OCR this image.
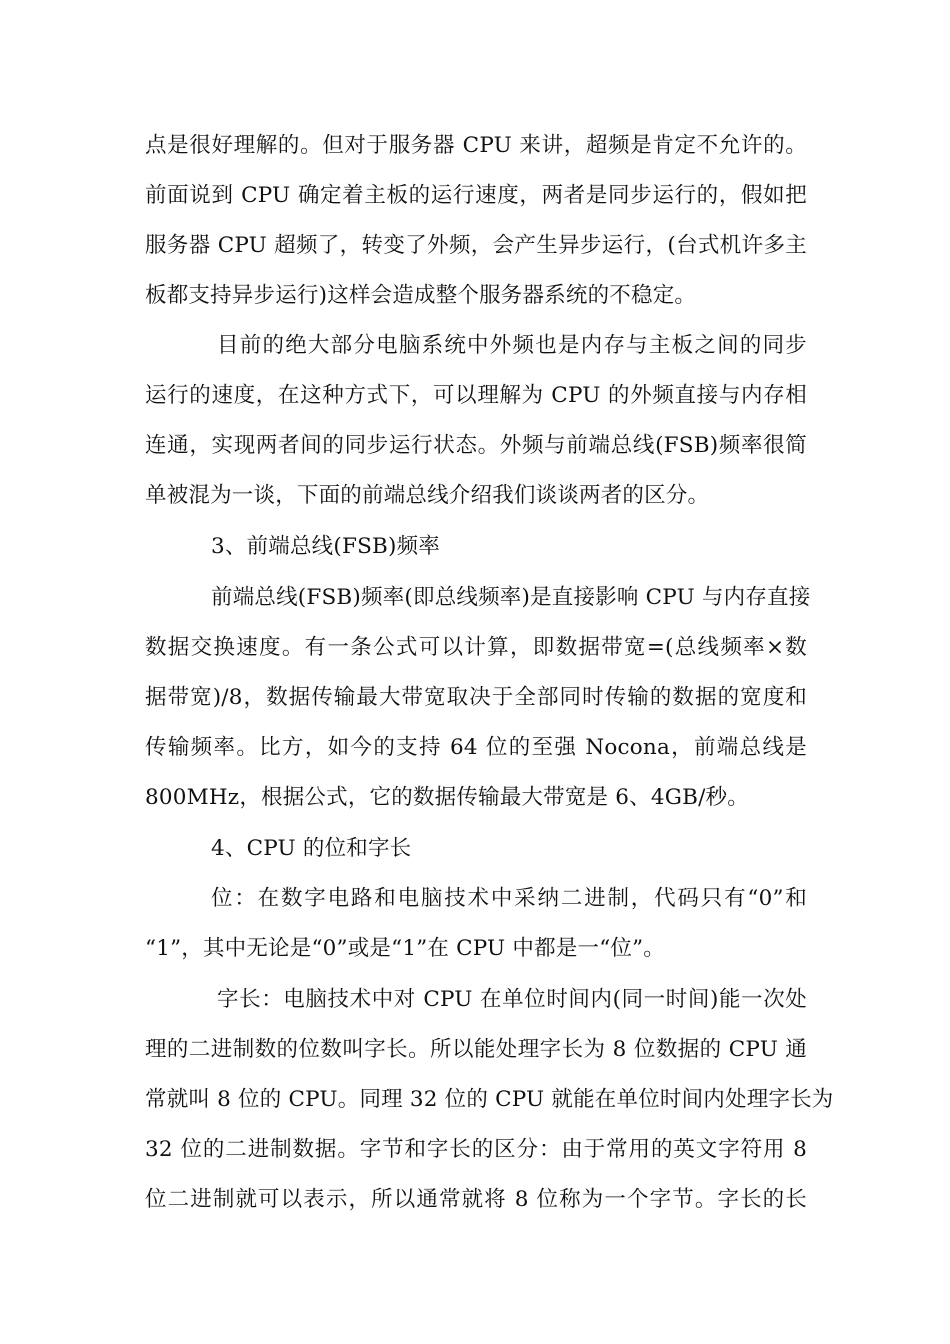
点是很好理解的。但对于服务器 CPU 来讲，超频是肯定不允许的。
前面说到 CPU 确定着主板的运行速度，两者是同步运行的，假如把
服务器 CPU 超频了，转变了外频，会产生异步运行，(台式机许多主
板都支持异步运行)这样会造成整个服务器系统的不稳定。
目前的绝大部分电脑系统中外频也是内存与主板之间的同步
运行的速度，在这种方式下，可以理解为 CPU 的外频直接与内存相
连通，实现两者间的同步运行状态。外频与前端总线(FSB)频率很简
单被混为一谈，下面的前端总线介绍我们谈谈两者的区分。
3、前端总线(FSB)频率
前端总线(FSB)频率(即总线频率)是直接影响 CPU 与内存直接
数据交换速度。有一条公式可以计算，即数据带宽=(总线频率×数
据带宽)/8，数据传输最大带宽取决于全部同时传输的数据的宽度和
传输频率。比方，如今的支持 64 位的至强 Nocona，前端总线是
800MHz，根据公式，它的数据传输最大带宽是 6、4GB/秒。
4、CPU 的位和字长
位：在数字电路和电脑技术中采纳二进制，代码只有“0”和
“1”，其中无论是“0”或是“1”在 CPU 中都是一“位”。
字长：电脑技术中对 CPU 在单位时间内(同一时间)能一次处
理的二进制数的位数叫字长。所以能处理字长为 8 位数据的 CPU 通
常就叫 8 位的 CPU。同理 32 位的 CPU 就能在单位时间内处理字长为
32 位的二进制数据。字节和字长的区分：由于常用的英文字符用 8
位二进制就可以表示，所以通常就将 8 位称为一个字节。字长的长
